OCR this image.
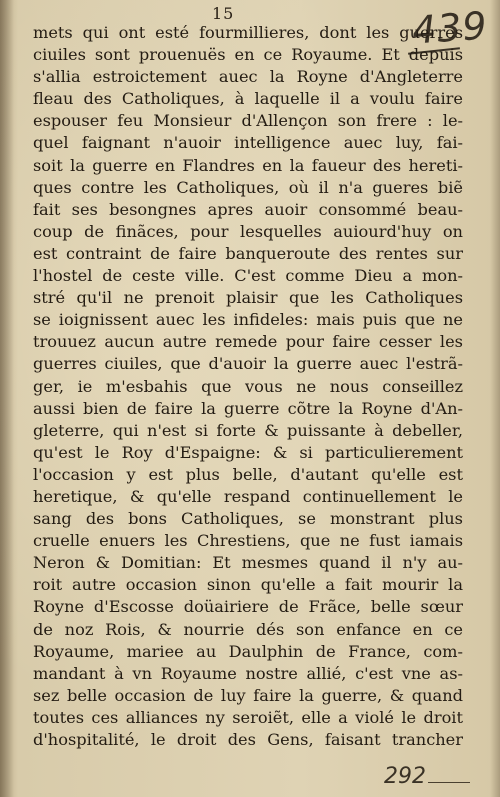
15	439
mets qui ont esté fourmillieres, dont les guerres
ciuiles sont prouenuës en ce Royaume. Et depuis
s'allia estroictement auec la Royne d'Angleterre
fleau des Catholiques, à laquelle il a voulu faire
espouser feu Monsieur d'Allençon son frere : le-
quel faignant n'auoir intelligence auec luy, fai-
soit la guerre en Flandres en la faueur des hereti-
ques contre les Catholiques, où il n'a gueres biẽ
fait ses besongnes apres auoir consommé beau-
coup de finãces, pour lesquelles auiourd'huy on
est contraint de faire banqueroute des rentes sur
l'hostel de ceste ville. C'est comme Dieu a mon-
stré qu'il ne prenoit plaisir que les Catholiques
se ioignissent auec les infideles: mais puis que ne
trouuez aucun autre remede pour faire cesser les
guerres ciuiles, que d'auoir la guerre auec l'estrã-
ger, ie m'esbahis que vous ne nous conseillez
aussi bien de faire la guerre cõtre la Royne d'An-
gleterre, qui n'est si forte & puissante à debeller,
qu'est le Roy d'Espaigne: & si particulierement
l'occasion y est plus belle, d'autant qu'elle est
heretique, & qu'elle respand continuellement le
sang des bons Catholiques, se monstrant plus
cruelle enuers les Chrestiens, que ne fust iamais
Neron & Domitian: Et mesmes quand il n'y au-
roit autre occasion sinon qu'elle a fait mourir la
Royne d'Escosse doüairiere de Frãce, belle sœur
de noz Rois, & nourrie dés son enfance en ce
Royaume, mariee au Daulphin de France, com-
mandant à vn Royaume nostre allié, c'est vne as-
sez belle occasion de luy faire la guerre, & quand
toutes ces alliances ny seroiẽt, elle a violé le droit
d'hospitalité, le droit des Gens, faisant trancher
292
